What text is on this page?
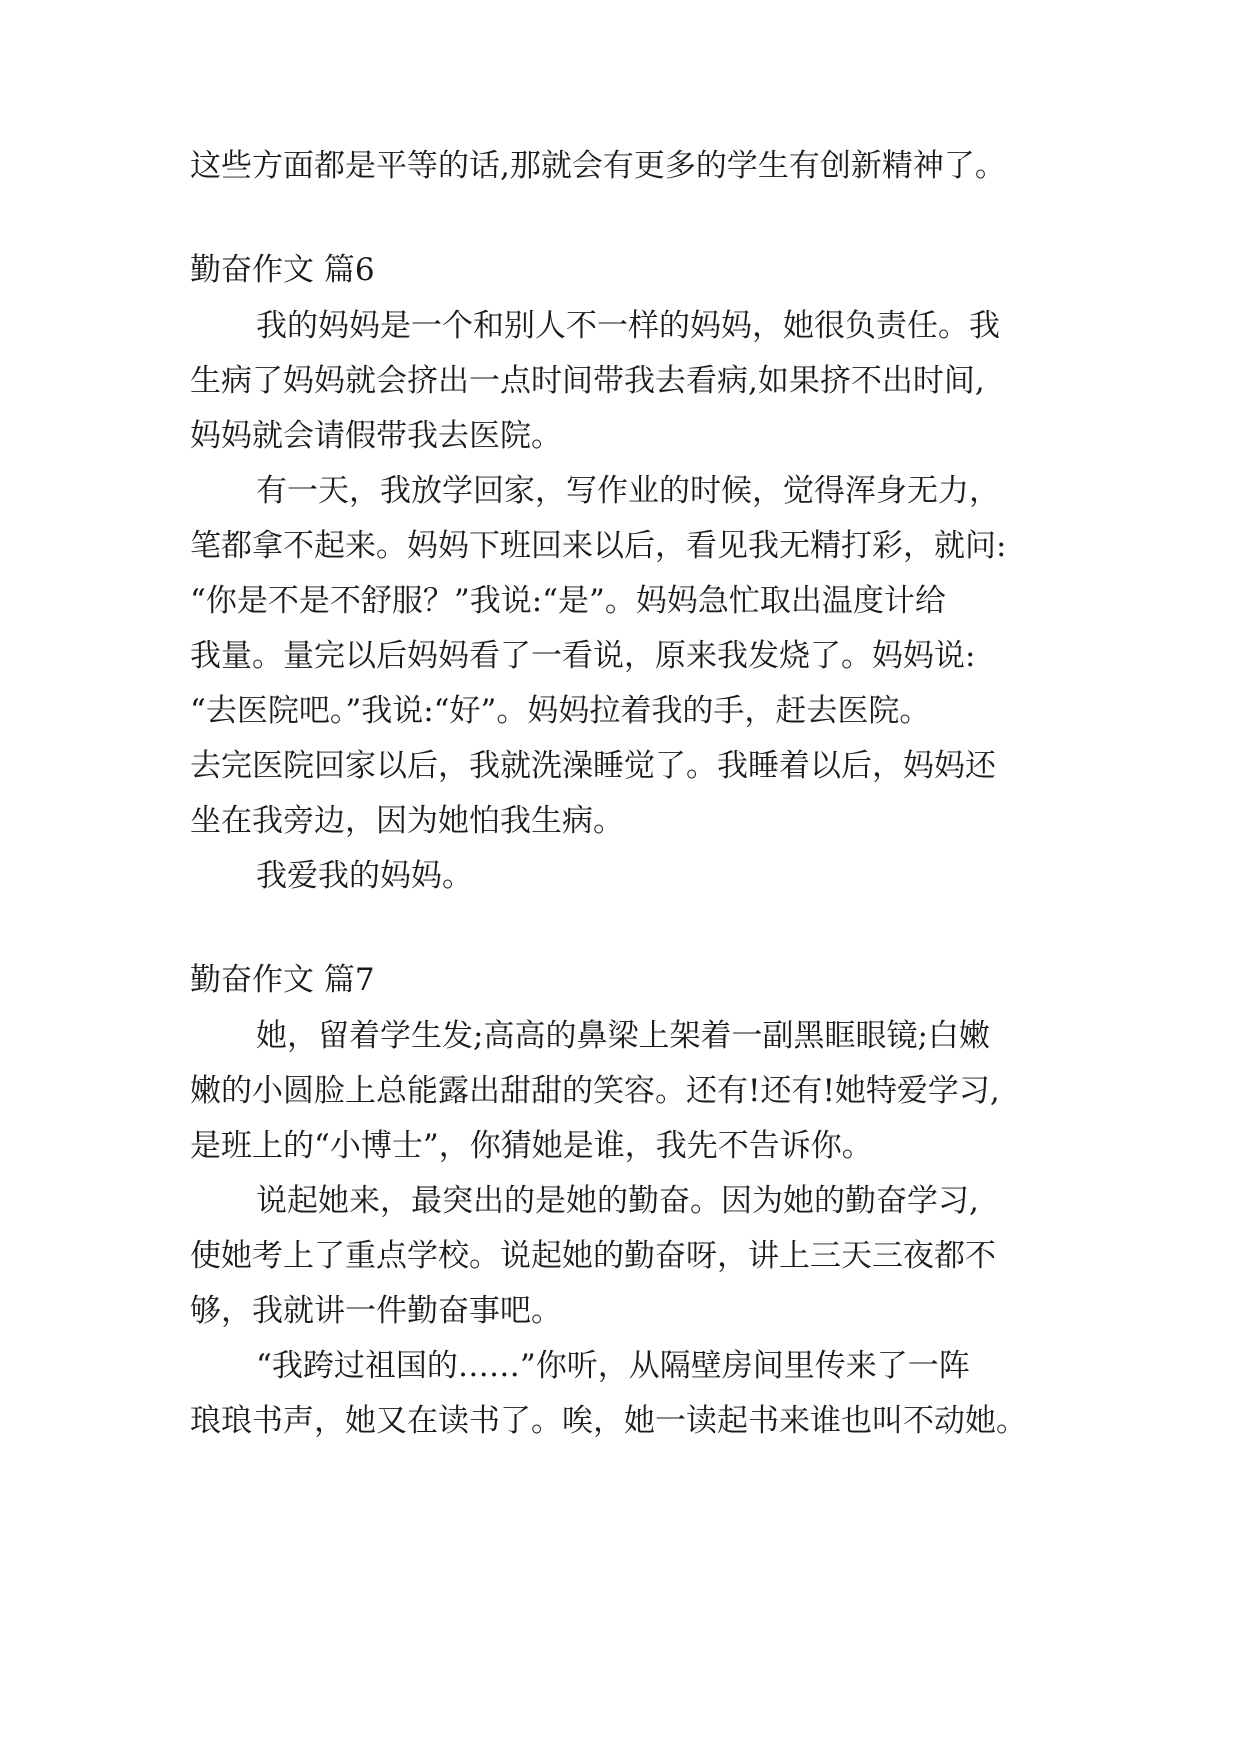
这些方面都是平等的话,那就会有更多的学生有创新精神了。
勤奋作文 篇6
我的妈妈是一个和别人不一样的妈妈，她很负责任。我
生病了妈妈就会挤出一点时间带我去看病,如果挤不出时间,
妈妈就会请假带我去医院。
有一天，我放学回家，写作业的时候，觉得浑身无力，
笔都拿不起来。妈妈下班回来以后，看见我无精打彩，就问:
“你是不是不舒服？”我说:“是”。妈妈急忙取出温度计给
我量。量完以后妈妈看了一看说，原来我发烧了。妈妈说:
“去医院吧。”我说:“好”。妈妈拉着我的手，赶去医院。
去完医院回家以后，我就洗澡睡觉了。我睡着以后，妈妈还
坐在我旁边，因为她怕我生病。
我爱我的妈妈。
勤奋作文 篇7
她，留着学生发;高高的鼻梁上架着一副黑眶眼镜;白嫩
嫩的小圆脸上总能露出甜甜的笑容。还有!还有!她特爱学习,
是班上的“小博士”，你猜她是谁，我先不告诉你。
说起她来，最突出的是她的勤奋。因为她的勤奋学习,
使她考上了重点学校。说起她的勤奋呀，讲上三天三夜都不
够，我就讲一件勤奋事吧。
“我跨过祖国的……”你听，从隔壁房间里传来了一阵
琅琅书声，她又在读书了。唉，她一读起书来谁也叫不动她。
